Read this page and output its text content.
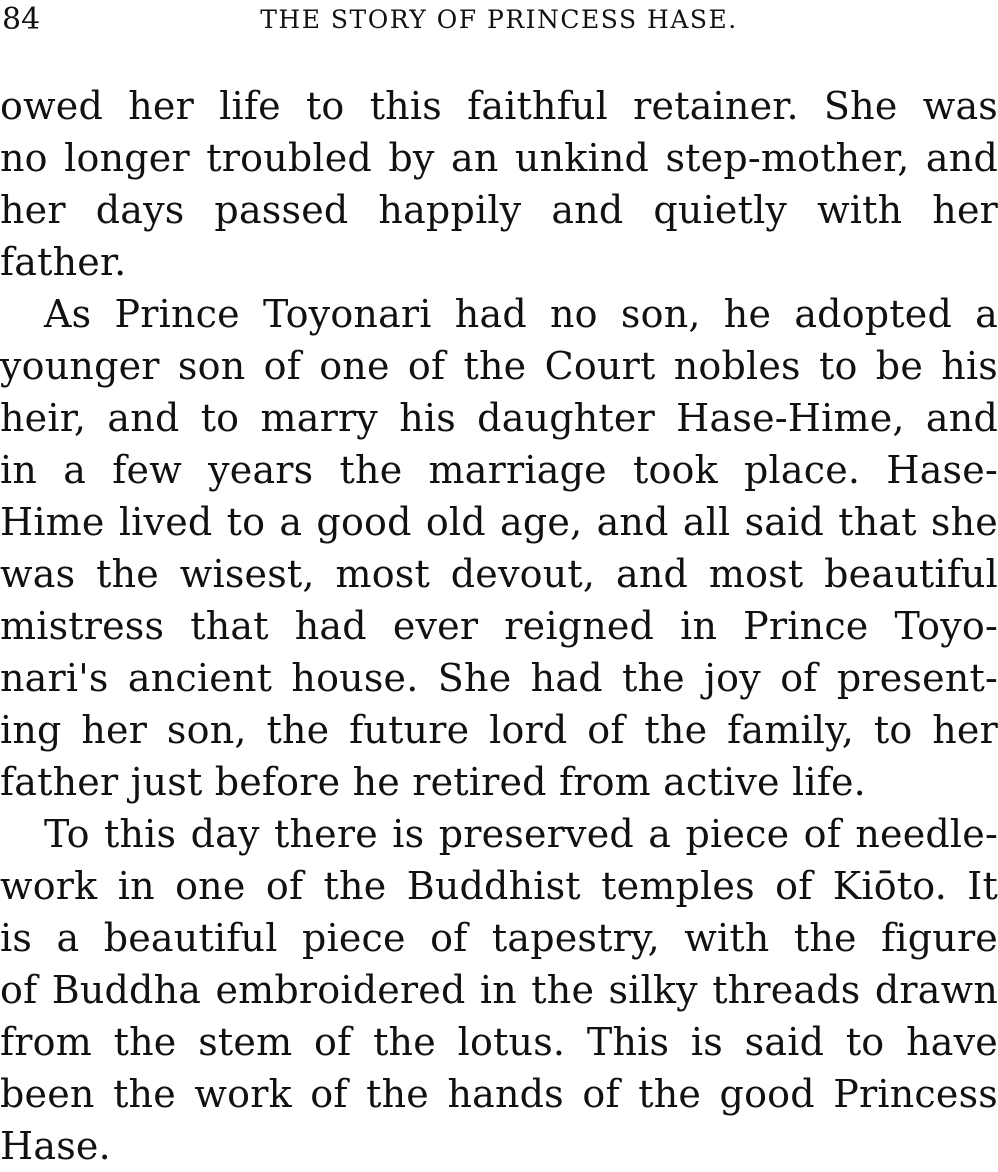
84	THE STORY OF PRINCESS HASE.
owed her life to this faithful retainer. She was
no longer troubled by an unkind step-mother, and
her days passed happily and quietly with her
father.
As Prince Toyonari had no son, he adopted a
younger son of one of the Court nobles to be his
heir, and to marry his daughter Hase-Hime, and
in a few years the marriage took place. Hase-
Hime lived to a good old age, and all said that she
was the wisest, most devout, and most beautiful
mistress that had ever reigned in Prince Toyo-
nari's ancient house. She had the joy of present-
ing her son, the future lord of the family, to her
father just before he retired from active life.
To this day there is preserved a piece of needle-
work in one of the Buddhist temples of Kiōto. It
is a beautiful piece of tapestry, with the figure
of Buddha embroidered in the silky threads drawn
from the stem of the lotus. This is said to have
been the work of the hands of the good Princess
Hase.
